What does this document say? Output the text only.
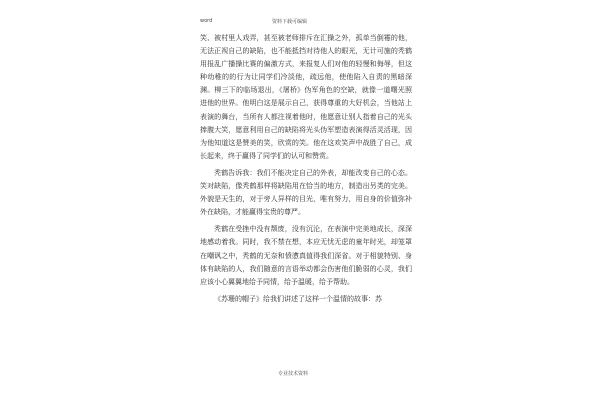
word	资料下载可编辑

笑、被村里人戏弄，甚至被老师排斥在汇操之外，孤单当倒霉的他，无法正视自己的缺陷，也不能抵挡对待他人的眼光，无计可施的秃鹤用报乱广播操比赛的偏激方式，来报复人们对他的轻慢和侮辱，但这种幼稚的的行为让同学们冷淡他，疏远他，使他陷入自责的黑暗深渊。柳三下的临场退出，《屠桥》伪军角色的空缺，就像一道曙光照进他的世界。他明白这是展示自己，获得尊重的大好机会，当他站上表演的舞台，当所有人都注视着他时，他愿意让别人指着自己的光头捧腹大笑，愿意利用自己的缺陷将光头伪军塑造表演得活灵活现，因为他知道这是赞美的笑，欣赏的笑。他在这欢笑声中战胜了自己，成长起来，终于赢得了同学们的认可和赞赏。

秃鹤告诉我：我们不能决定自己的外表，却能改变自己的心态。笑对缺陷，像秃鹤那样将缺陷用在恰当的地方，制造出另类的完美。外貌是天生的，对于旁人异样的目光，唯有努力，用自身的价值弥补外在缺陷，才能赢得宝贵的尊严。

秃鹤在受挫中没有颓废，没有沉沦，在表演中完美地成长，深深地感动着我。同时，我不禁在想，本应无忧无虑的童年时光，却笼罩在嘲讽之中，秃鹤的无奈和愤懑真值得我们深省。对于相貌特别、身体有缺陷的人，我们随意的言语举动都会伤害他们脆弱的心灵，我们应该小心翼翼地给予同情，给予温暖，给予帮助。

《苏珊的帽子》给我们讲述了这样一个温情的故事：苏

专业技术资料
